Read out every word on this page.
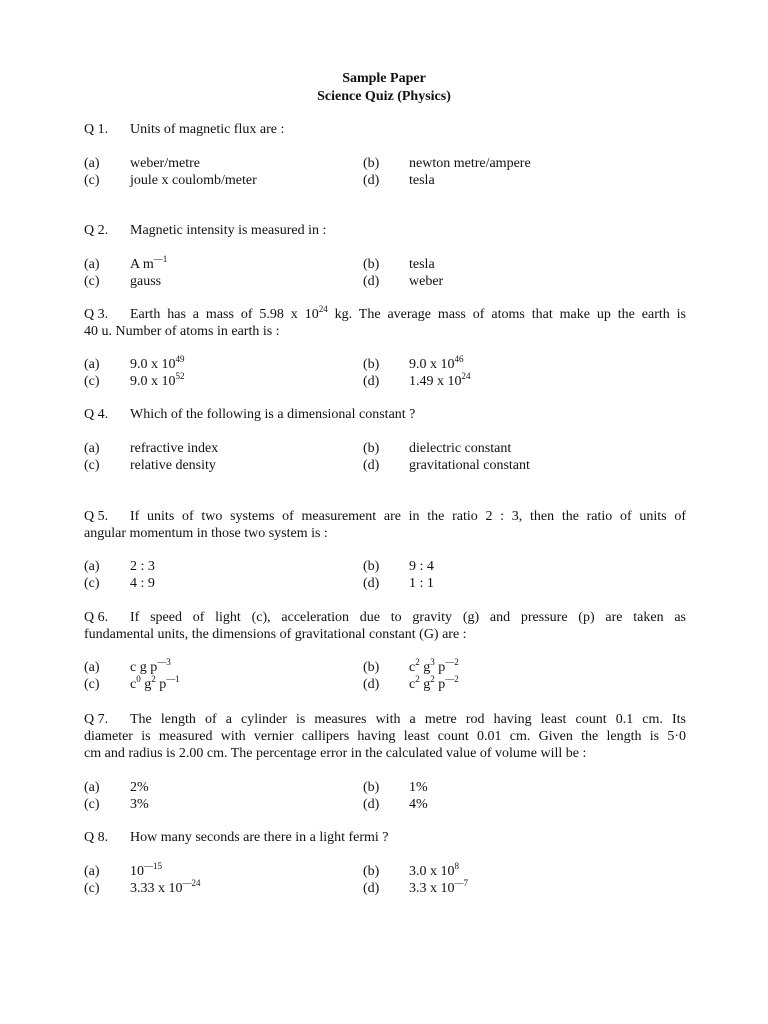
Sample Paper
Science Quiz (Physics)
Q 1. Units of magnetic flux are :
(a) weber/metre	(b) newton metre/ampere
(c) joule x coulomb/meter	(d) tesla
Q 2. Magnetic intensity is measured in :
(a) A $m^{—1}$	(b) tesla
(c) gauss	(d) weber
Q 3. Earth has a mass of 5.98 x $10^{24}$ kg. The average mass of atoms that make up the earth is
40 u. Number of atoms in earth is :
(a) 9.0 x $10^{49}$	(b) 9.0 x $10^{46}$
(c) 9.0 x $10^{52}$	(d) 1.49 x $10^{24}$
Q 4. Which of the following is a dimensional constant ?
(a) refractive index	(b) dielectric constant
(c) relative density	(d) gravitational constant
Q 5. If units of two systems of measurement are in the ratio 2 : 3, then the ratio of units of
angular momentum in those two system is :
(a) 2 : 3	(b) 9 : 4
(c) 4 : 9	(d) 1 : 1
Q 6. If speed of light (c), acceleration due to gravity (g) and pressure (p) are taken as
fundamental units, the dimensions of gravitational constant (G) are :
(a) c g $p^{—3}$	(b) $c^2$ $g^3$ $p^{—2}$
(c) $c^0$ $g^2$ $p^{—1}$	(d) $c^2$ $g^2$ $p^{—2}$
Q 7. The length of a cylinder is measures with a metre rod having least count 0.1 cm. Its
diameter is measured with vernier callipers having least count 0.01 cm. Given the length is 5·0
cm and radius is 2.00 cm. The percentage error in the calculated value of volume will be :
(a) 2%	(b) 1%
(c) 3%	(d) 4%
Q 8. How many seconds are there in a light fermi ?
(a) $10^{—15}$	(b) 3.0 x $10^8$
(c) 3.33 x $10^{—24}$	(d) 3.3 x $10^{—7}$
